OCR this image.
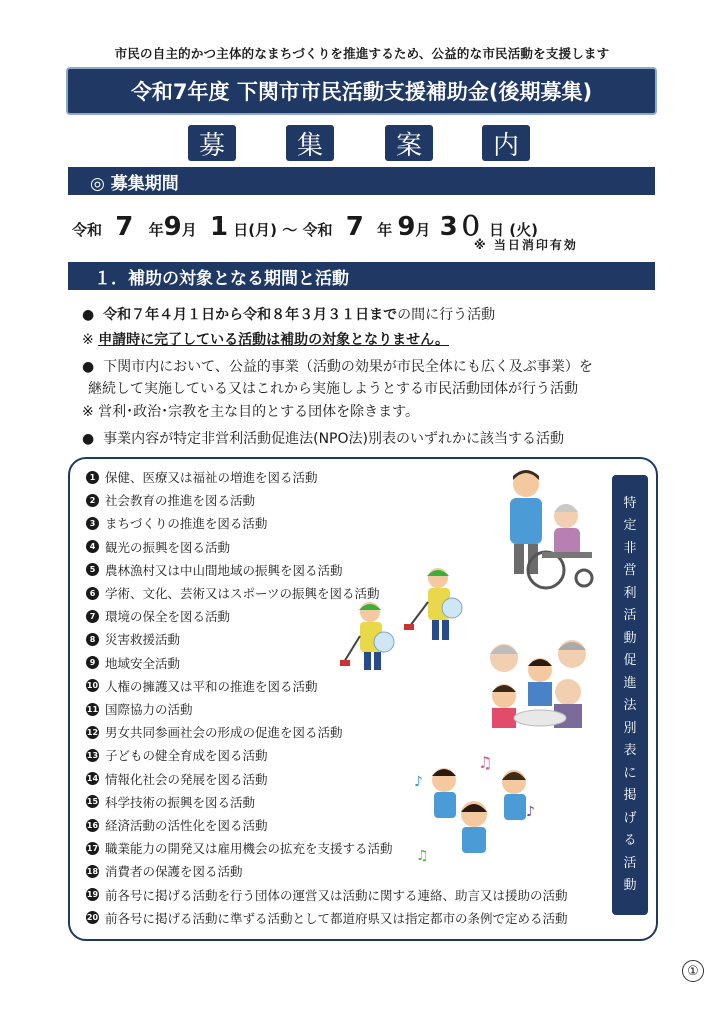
市民の自主的かつ主体的なまちづくりを推進するため、公益的な市民活動を支援します
令和7年度 下関市市民活動支援補助金(後期募集)
募	集	案	内
◎ 募集期間
令和 7 年9月 1 日(月) ～ 令和 7 年 9月 3０ 日 (火)
※ 当日消印有効
１．補助の対象となる期間と活動
●  令和７年４月１日から令和８年３月３１日までの間に行う活動
※ 申請時に完了している活動は補助の対象となりません。
●  下関市内において、公益的事業（活動の効果が市民全体にも広く及ぶ事業）を
継続して実施している又はこれから実施しようとする市民活動団体が行う活動
※ 営利･政治･宗教を主な目的とする団体を除きます。
●  事業内容が特定非営利活動促進法(NPO法)別表のいずれかに該当する活動
1 保健、医療又は福祉の増進を図る活動
2 社会教育の推進を図る活動
3 まちづくりの推進を図る活動
4 観光の振興を図る活動
5 農林漁村又は中山間地域の振興を図る活動
6 学術、文化、芸術又はスポーツの振興を図る活動
7 環境の保全を図る活動
8 災害救援活動
9 地域安全活動
10 人権の擁護又は平和の推進を図る活動
11 国際協力の活動
12 男女共同参画社会の形成の促進を図る活動
13 子どもの健全育成を図る活動
14 情報化社会の発展を図る活動
15 科学技術の振興を図る活動
16 経済活動の活性化を図る活動
17 職業能力の開発又は雇用機会の拡充を支援する活動
18 消費者の保護を図る活動
19 前各号に掲げる活動を行う団体の運営又は活動に関する連絡、助言又は援助の活動
20 前各号に掲げる活動に準ずる活動として都道府県又は指定都市の条例で定める活動
特
定
非
営
利
活
動
促
進
法
別
表
に
掲
げ
る
活
動
♫
♪
♪
♫
①
